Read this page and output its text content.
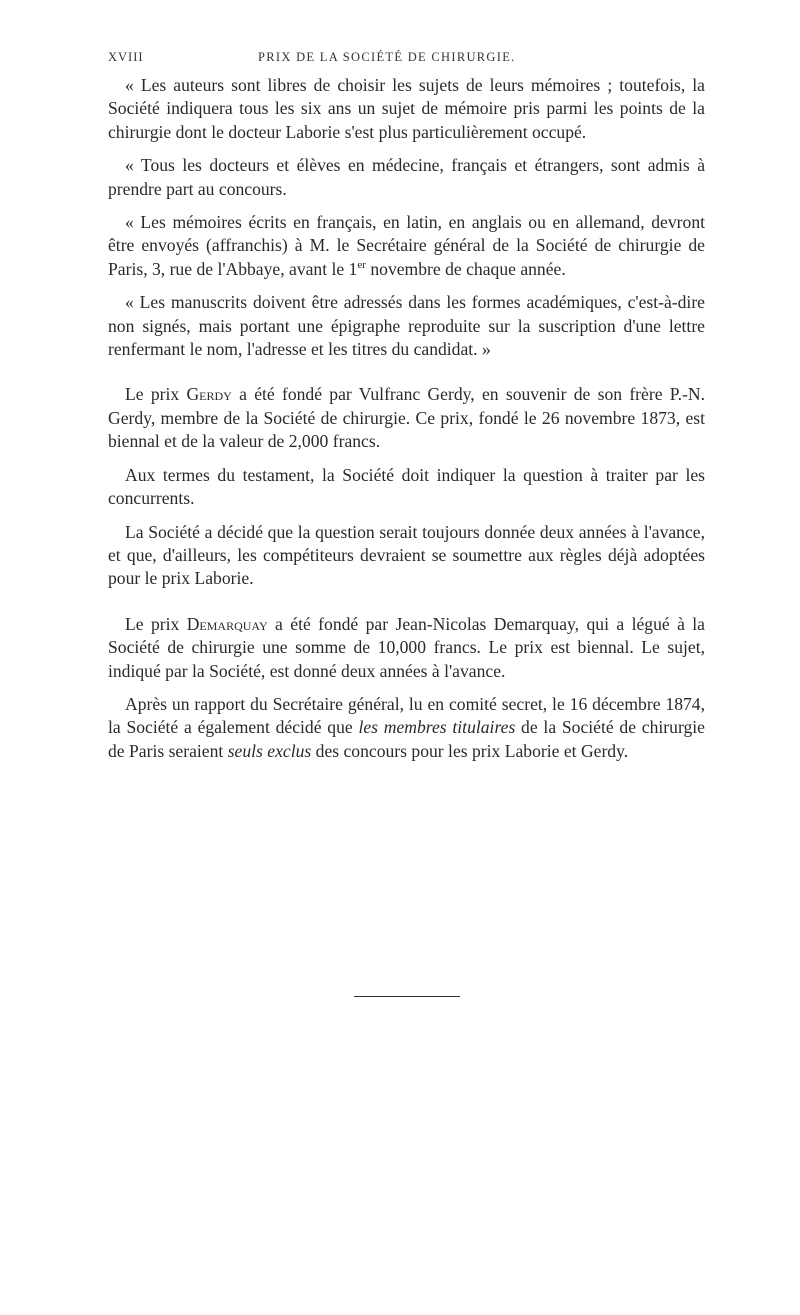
XVIII	PRIX DE LA SOCIÉTÉ DE CHIRURGIE.

« Les auteurs sont libres de choisir les sujets de leurs mémoires ; toutefois, la Société indiquera tous les six ans un sujet de mémoire pris parmi les points de la chirurgie dont le docteur Laborie s'est plus particulièrement occupé.

« Tous les docteurs et élèves en médecine, français et étrangers, sont admis à prendre part au concours.

« Les mémoires écrits en français, en latin, en anglais ou en allemand, devront être envoyés (affranchis) à M. le Secrétaire général de la Société de chirurgie de Paris, 3, rue de l'Abbaye, avant le 1er novembre de chaque année.

« Les manuscrits doivent être adressés dans les formes académiques, c'est-à-dire non signés, mais portant une épigraphe reproduite sur la suscription d'une lettre renfermant le nom, l'adresse et les titres du candidat. »

Le prix Gerdy a été fondé par Vulfranc Gerdy, en souvenir de son frère P.-N. Gerdy, membre de la Société de chirurgie. Ce prix, fondé le 26 novembre 1873, est biennal et de la valeur de 2,000 francs.

Aux termes du testament, la Société doit indiquer la question à traiter par les concurrents.

La Société a décidé que la question serait toujours donnée deux années à l'avance, et que, d'ailleurs, les compétiteurs devraient se soumettre aux règles déjà adoptées pour le prix Laborie.

Le prix Demarquay a été fondé par Jean-Nicolas Demarquay, qui a légué à la Société de chirurgie une somme de 10,000 francs. Le prix est biennal. Le sujet, indiqué par la Société, est donné deux années à l'avance.

Après un rapport du Secrétaire général, lu en comité secret, le 16 décembre 1874, la Société a également décidé que les membres titulaires de la Société de chirurgie de Paris seraient seuls exclus des concours pour les prix Laborie et Gerdy.
